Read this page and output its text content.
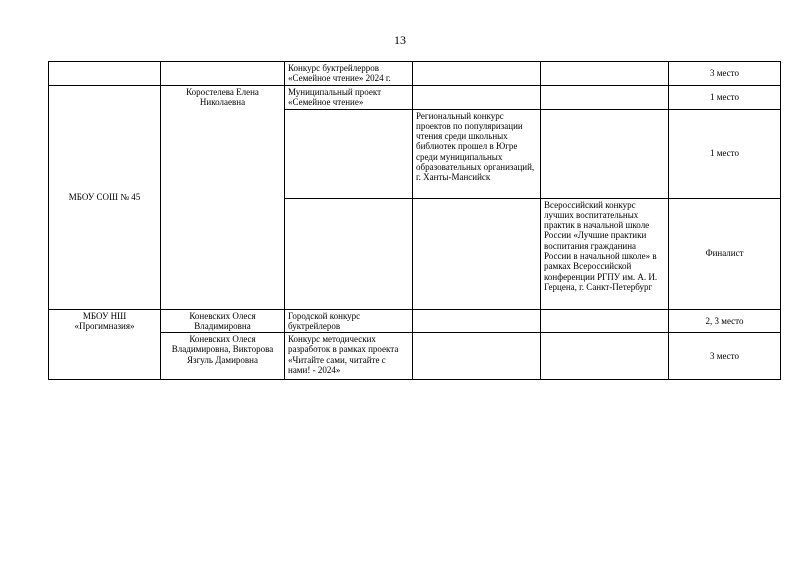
13
		Конкурс буктрейлерров «Семейное чтение» 2024 г.			3 место
МБОУ СОШ № 45	Коростелева Елена Николаевна	Муниципальный проект «Семейное чтение»			1 место
			Региональный конкурс проектов по популяризации чтения среди школьных библиотек прошел в Югре среди муниципальных образовательных организаций, г. Ханты-Мансийск		1 место
				Всероссийский конкурс лучших воспитательных практик в начальной школе России «Лучшие практики воспитания гражданина России в начальной школе» в рамках Всероссийской конференции РГПУ им. А. И. Герцена, г. Санкт-Петербург	Финалист
МБОУ НШ «Прогимназия»	Коневских Олеся Владимировна	Городской конкурс буктрейлеров			2, 3 место
	Коневских Олеся Владимировна, Викторова Язгуль Дамировна	Конкурс методических разработок в рамках проекта «Читайте сами, читайте с нами! - 2024»			3 место
